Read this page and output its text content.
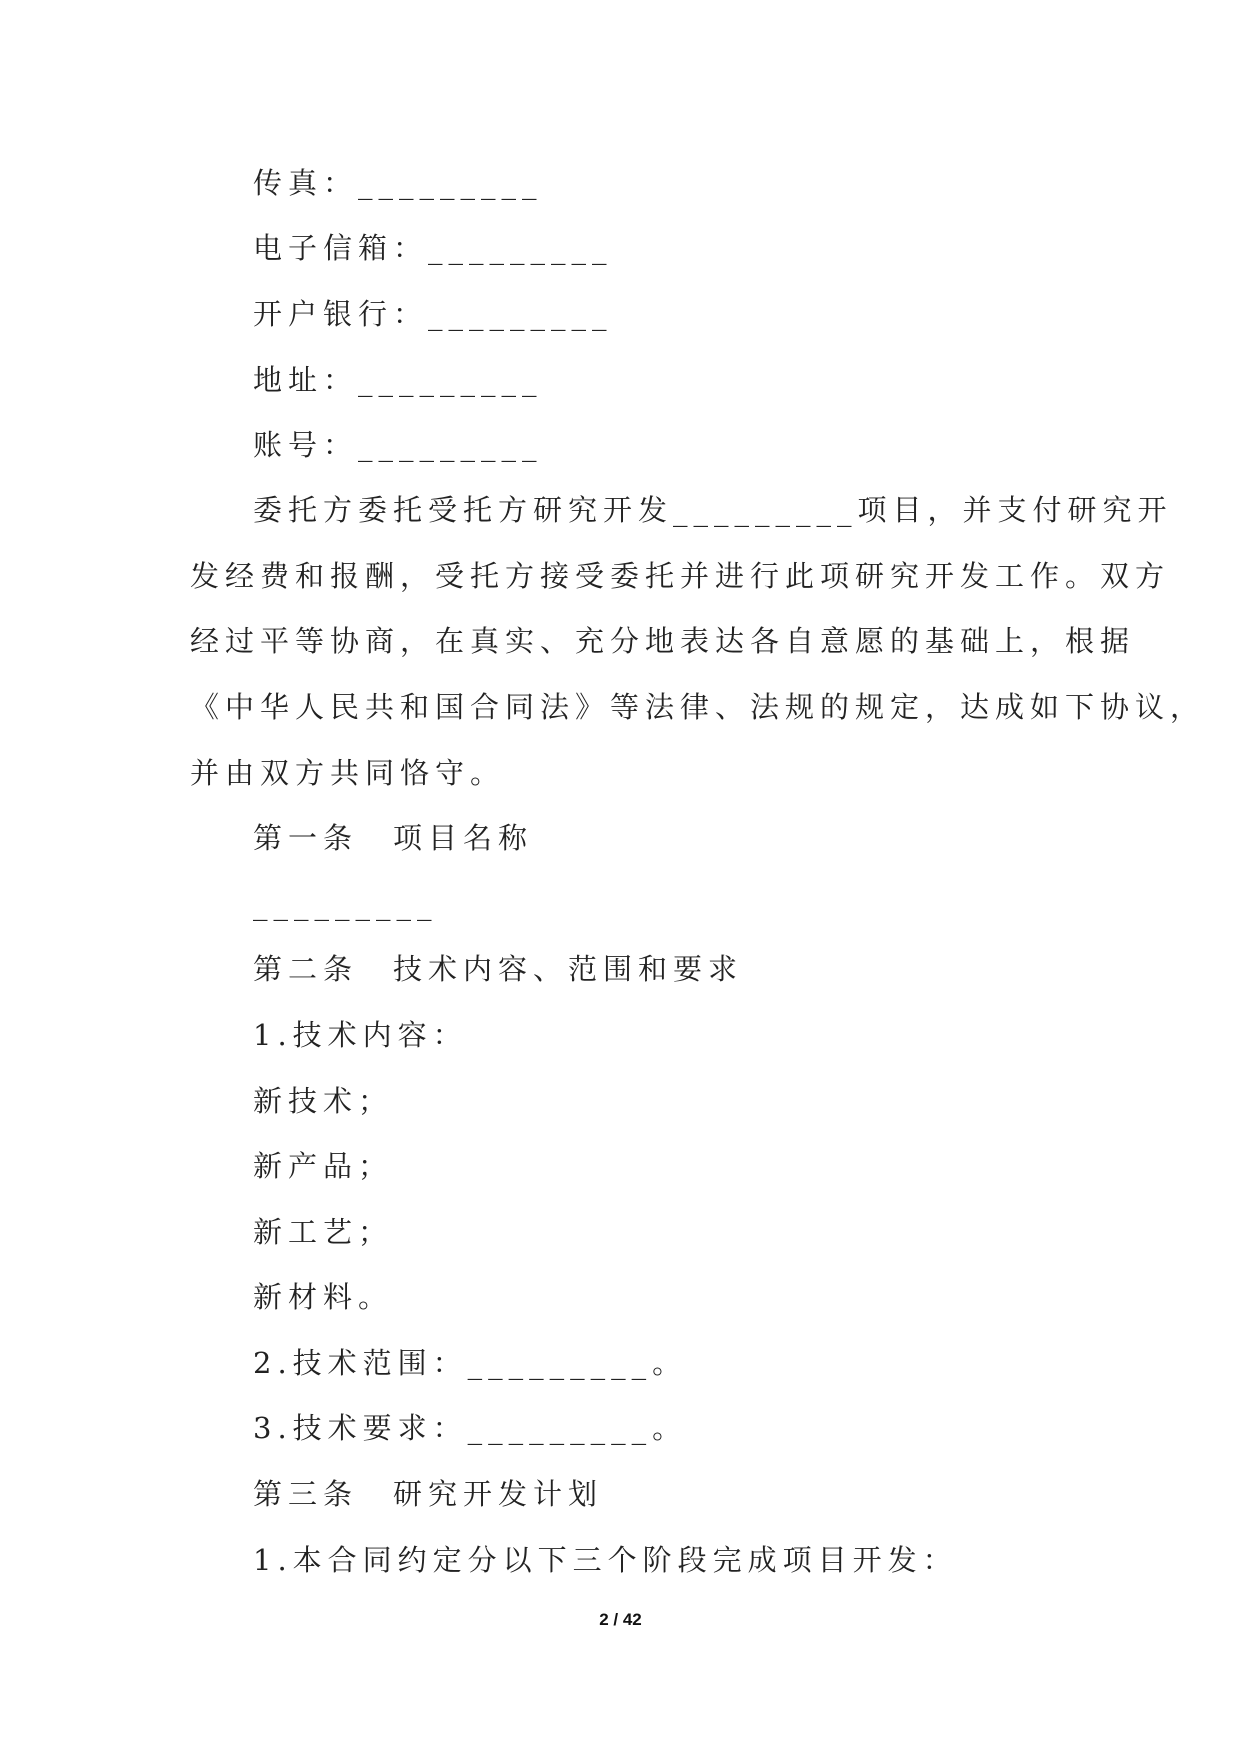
传真：_________
电子信箱：_________
开户银行：_________
地址：_________
账号：_________
委托方委托受托方研究开发_________项目，并支付研究开
发经费和报酬，受托方接受委托并进行此项研究开发工作。双方
经过平等协商，在真实、充分地表达各自意愿的基础上，根据
《中华人民共和国合同法》等法律、法规的规定，达成如下协议，
并由双方共同恪守。
第一条　项目名称
_________
第二条　技术内容、范围和要求
1.技术内容：
新技术；
新产品；
新工艺；
新材料。
2.技术范围：_________。
3.技术要求：_________。
第三条　研究开发计划
1.本合同约定分以下三个阶段完成项目开发：
2 / 42
